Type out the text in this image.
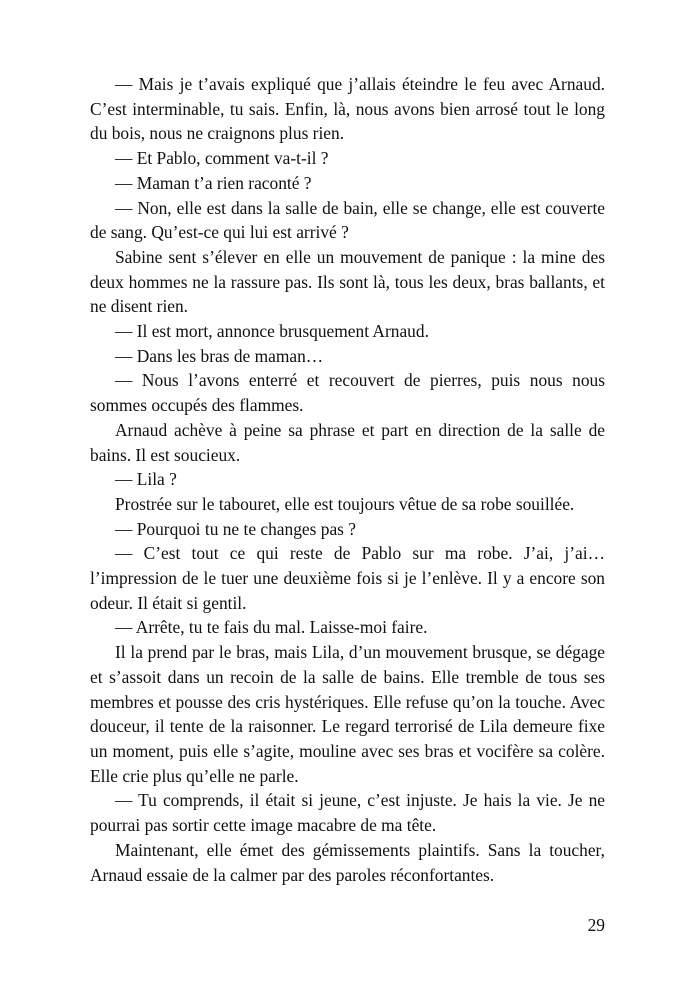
— Mais je t’avais expliqué que j’allais éteindre le feu avec Arnaud. C’est interminable, tu sais. Enfin, là, nous avons bien arrosé tout le long du bois, nous ne craignons plus rien.

— Et Pablo, comment va-t-il ?

— Maman t’a rien raconté ?

— Non, elle est dans la salle de bain, elle se change, elle est couverte de sang. Qu’est-ce qui lui est arrivé ?

Sabine sent s’élever en elle un mouvement de panique : la mine des deux hommes ne la rassure pas. Ils sont là, tous les deux, bras ballants, et ne disent rien.

— Il est mort, annonce brusquement Arnaud.

— Dans les bras de maman…

— Nous l’avons enterré et recouvert de pierres, puis nous nous sommes occupés des flammes.

Arnaud achève à peine sa phrase et part en direction de la salle de bains. Il est soucieux.

— Lila ?

Prostrée sur le tabouret, elle est toujours vêtue de sa robe souillée.

— Pourquoi tu ne te changes pas ?

— C’est tout ce qui reste de Pablo sur ma robe. J’ai, j’ai… l’impression de le tuer une deuxième fois si je l’enlève. Il y a encore son odeur. Il était si gentil.

— Arrête, tu te fais du mal. Laisse-moi faire.

Il la prend par le bras, mais Lila, d’un mouvement brusque, se dégage et s’assoit dans un recoin de la salle de bains. Elle tremble de tous ses membres et pousse des cris hystériques. Elle refuse qu’on la touche. Avec douceur, il tente de la raisonner. Le regard terrorisé de Lila demeure fixe un moment, puis elle s’agite, mouline avec ses bras et vocifère sa colère. Elle crie plus qu’elle ne parle.

— Tu comprends, il était si jeune, c’est injuste. Je hais la vie. Je ne pourrai pas sortir cette image macabre de ma tête.

Maintenant, elle émet des gémissements plaintifs. Sans la toucher, Arnaud essaie de la calmer par des paroles réconfortantes.

29
